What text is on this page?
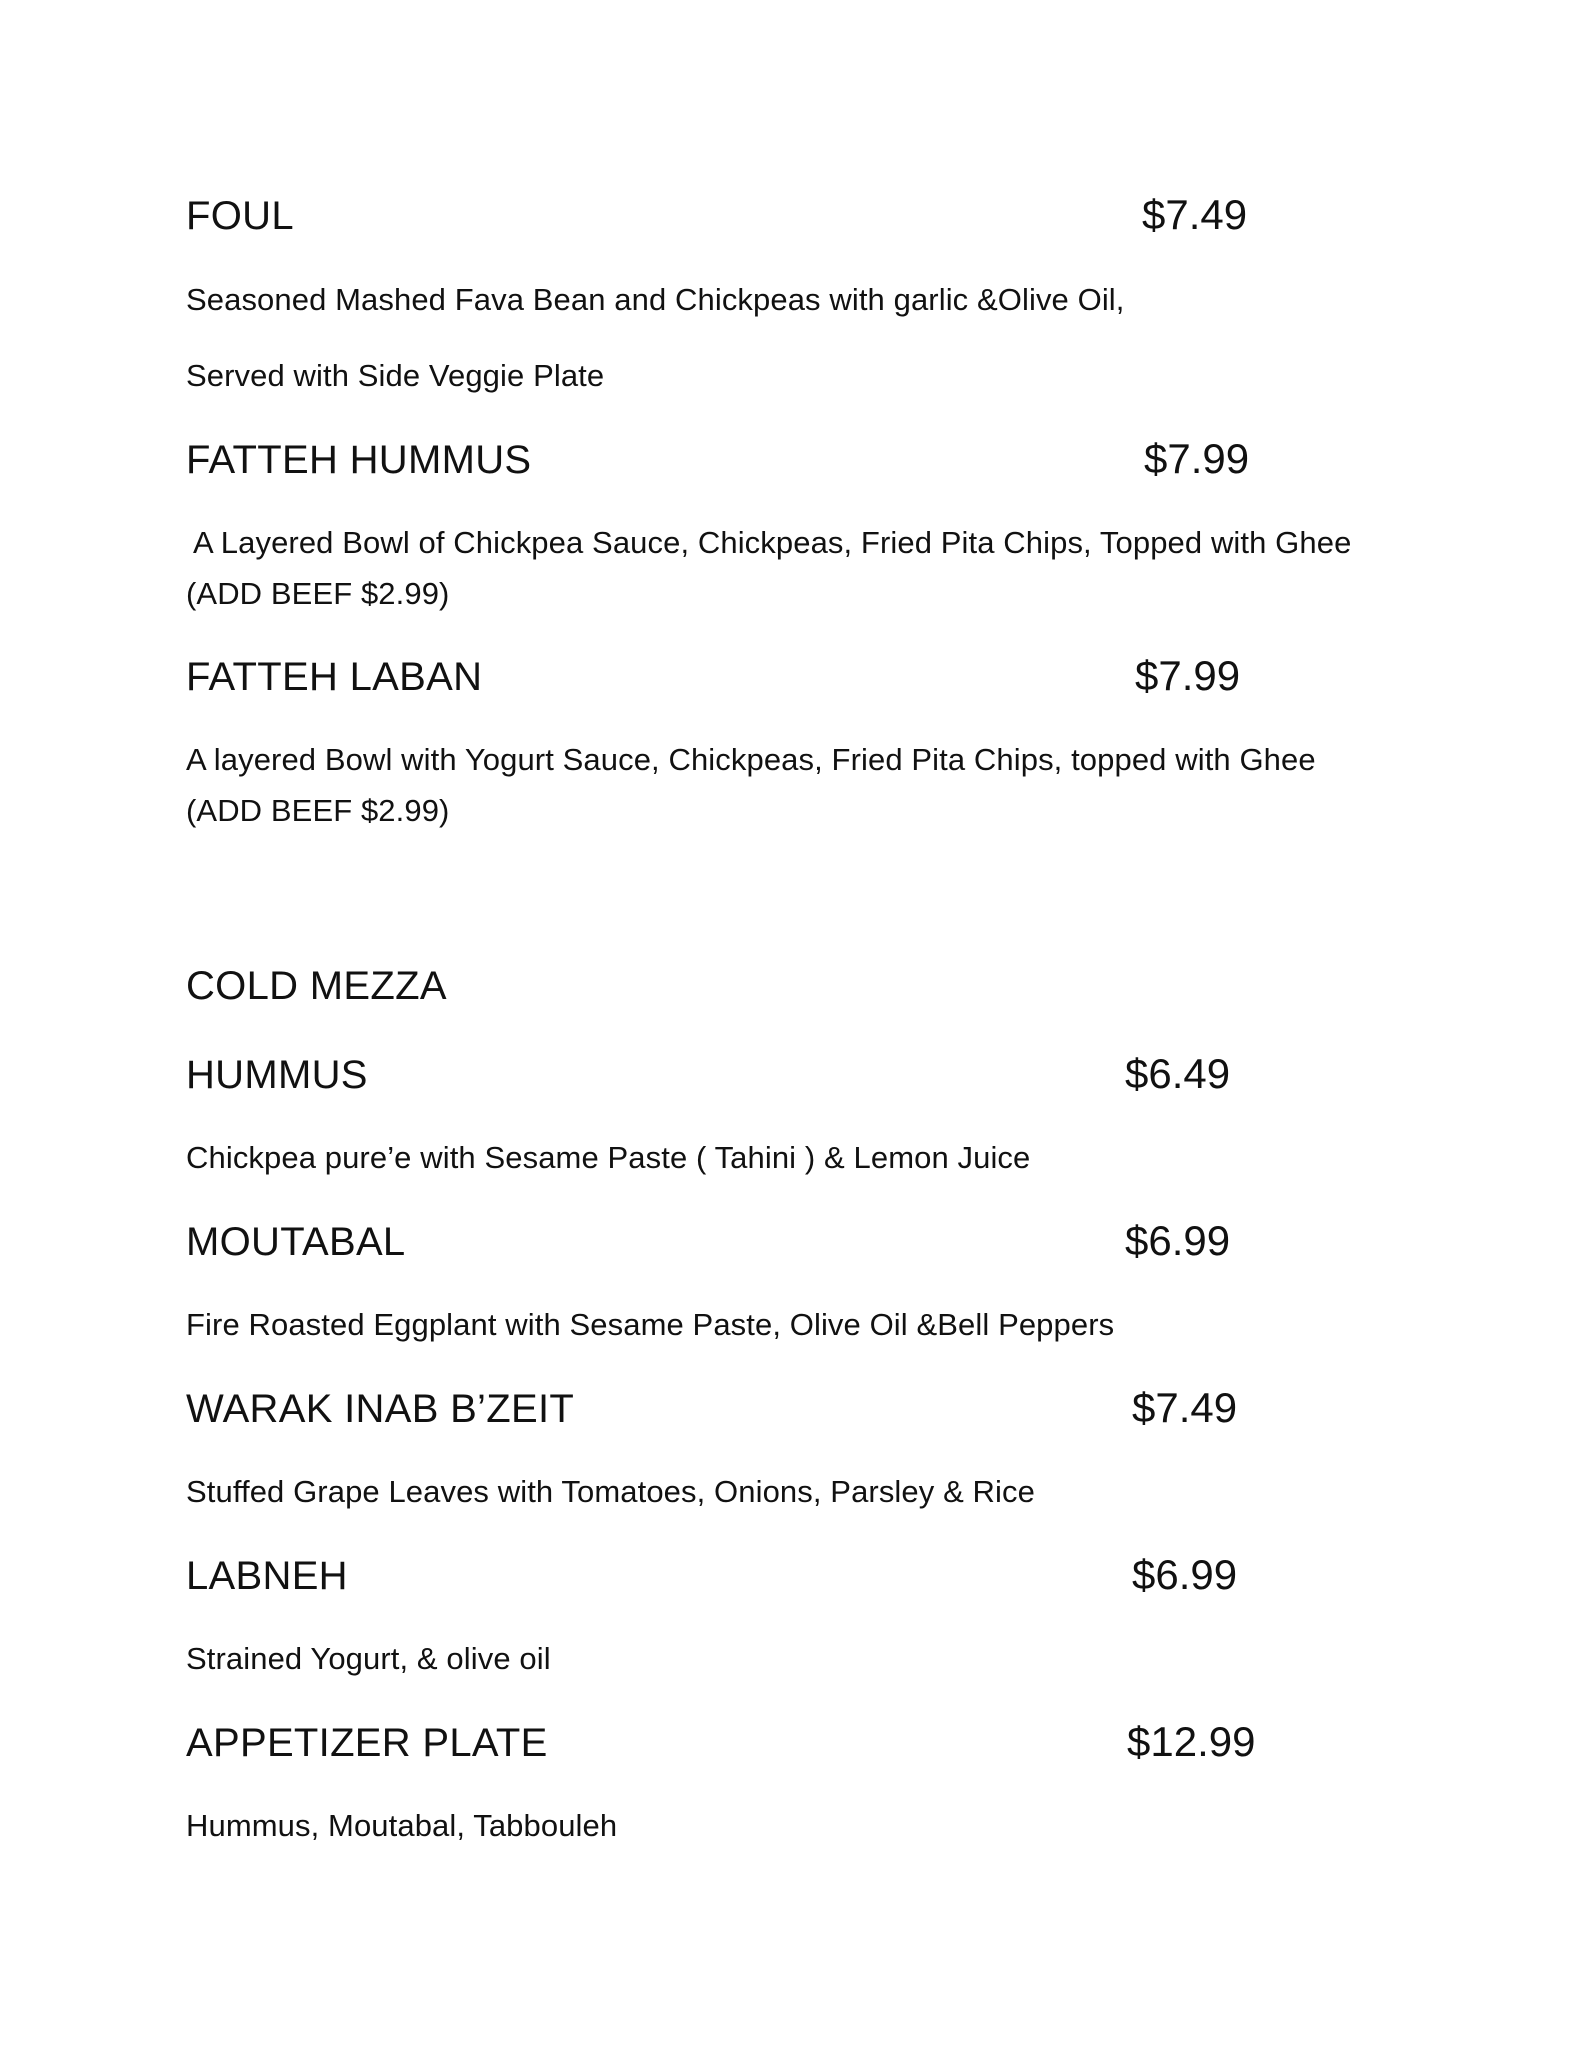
FOUL	$7.49
Seasoned Mashed Fava Bean and Chickpeas with garlic &Olive Oil,
Served with Side Veggie Plate
FATTEH HUMMUS	$7.99
A Layered Bowl of Chickpea Sauce, Chickpeas, Fried Pita Chips, Topped with Ghee
(ADD BEEF $2.99)
FATTEH LABAN	$7.99
A layered Bowl with Yogurt Sauce, Chickpeas, Fried Pita Chips, topped with Ghee
(ADD BEEF $2.99)
COLD MEZZA
HUMMUS	$6.49
Chickpea pure’e with Sesame Paste ( Tahini ) & Lemon Juice
MOUTABAL	$6.99
Fire Roasted Eggplant with Sesame Paste, Olive Oil &Bell Peppers
WARAK INAB B’ZEIT	$7.49
Stuffed Grape Leaves with Tomatoes, Onions, Parsley & Rice
LABNEH	$6.99
Strained Yogurt, & olive oil
APPETIZER PLATE	$12.99
Hummus, Moutabal, Tabbouleh
